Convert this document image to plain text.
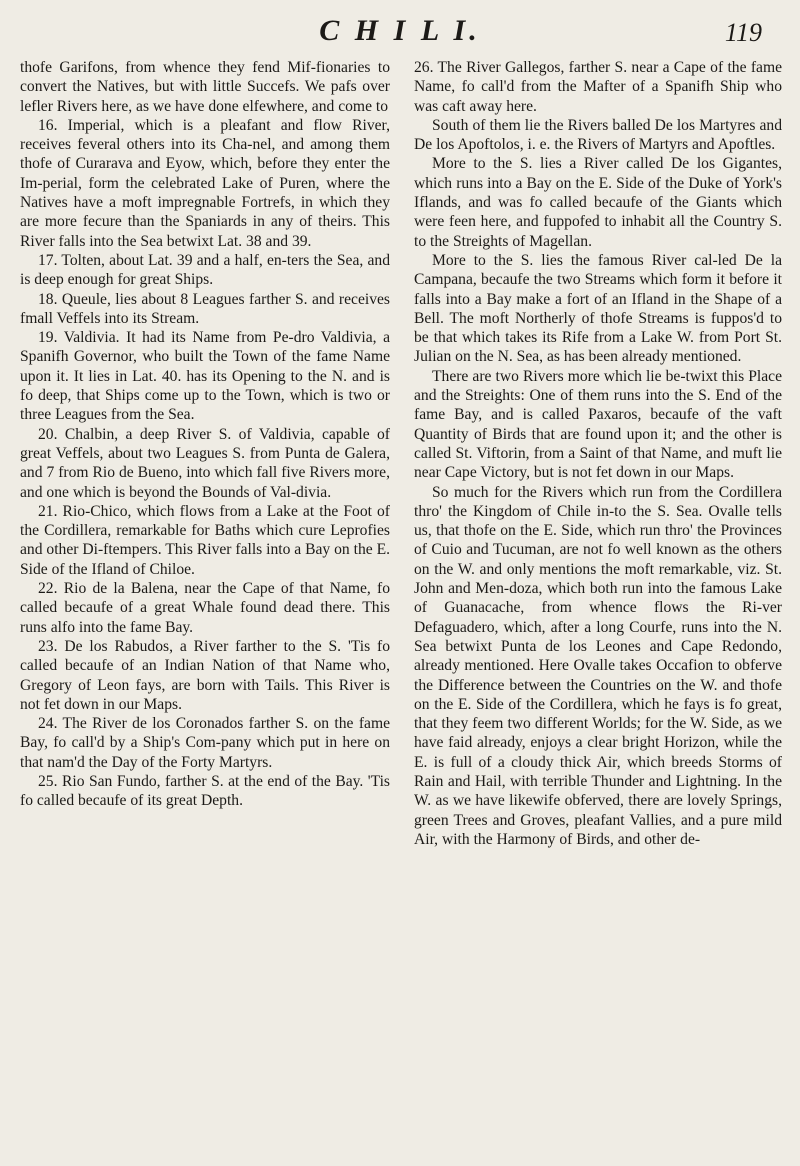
C H I L I.	119

thofe Garifons, from whence they fend Mif-fionaries to convert the Natives, but with little Succefs. We pafs over lefler Rivers here, as we have done elfewhere, and come to

16. Imperial, which is a pleafant and flow River, receives feveral others into its Cha-nel, and among them thofe of Curarava and Eyow, which, before they enter the Im-perial, form the celebrated Lake of Puren, where the Natives have a moft impregnable Fortrefs, in which they are more fecure than the Spaniards in any of theirs. This River falls into the Sea betwixt Lat. 38 and 39.

17. Tolten, about Lat. 39 and a half, en-ters the Sea, and is deep enough for great Ships.

18. Queule, lies about 8 Leagues farther S. and receives fmall Veffels into its Stream.

19. Valdivia. It had its Name from Pe-dro Valdivia, a Spanifh Governor, who built the Town of the fame Name upon it. It lies in Lat. 40. has its Opening to the N. and is fo deep, that Ships come up to the Town, which is two or three Leagues from the Sea.

20. Chalbin, a deep River S. of Valdivia, capable of great Veffels, about two Leagues S. from Punta de Galera, and 7 from Rio de Bueno, into which fall five Rivers more, and one which is beyond the Bounds of Val-divia.

21. Rio-Chico, which flows from a Lake at the Foot of the Cordillera, remarkable for Baths which cure Leprofies and other Di-ftempers. This River falls into a Bay on the E. Side of the Ifland of Chiloe.

22. Rio de la Balena, near the Cape of that Name, fo called becaufe of a great Whale found dead there. This runs alfo into the fame Bay.

23. De los Rabudos, a River farther to the S. 'Tis fo called becaufe of an Indian Nation of that Name who, Gregory of Leon fays, are born with Tails. This River is not fet down in our Maps.

24. The River de los Coronados farther S. on the fame Bay, fo call'd by a Ship's Com-pany which put in here on that nam'd the Day of the Forty Martyrs.

25. Rio San Fundo, farther S. at the end of the Bay. 'Tis fo called becaufe of its great Depth.

26. The River Gallegos, farther S. near a Cape of the fame Name, fo call'd from the Mafter of a Spanifh Ship who was caft away here.

South of them lie the Rivers balled De los Martyres and De los Apoftolos, i. e. the Rivers of Martyrs and Apoftles.

More to the S. lies a River called De los Gigantes, which runs into a Bay on the E. Side of the Duke of York's Iflands, and was fo called becaufe of the Giants which were feen here, and fuppofed to inhabit all the Country S. to the Streights of Magellan.

More to the S. lies the famous River cal-led De la Campana, becaufe the two Streams which form it before it falls into a Bay make a fort of an Ifland in the Shape of a Bell. The moft Northerly of thofe Streams is fuppos'd to be that which takes its Rife from a Lake W. from Port St. Julian on the N. Sea, as has been already mentioned.

There are two Rivers more which lie be-twixt this Place and the Streights: One of them runs into the S. End of the fame Bay, and is called Paxaros, becaufe of the vaft Quantity of Birds that are found upon it; and the other is called St. Viftorin, from a Saint of that Name, and muft lie near Cape Victory, but is not fet down in our Maps.

So much for the Rivers which run from the Cordillera thro' the Kingdom of Chile in-to the S. Sea. Ovalle tells us, that thofe on the E. Side, which run thro' the Provinces of Cuio and Tucuman, are not fo well known as the others on the W. and only mentions the moft remarkable, viz. St. John and Men-doza, which both run into the famous Lake of Guanacache, from whence flows the Ri-ver Defaguadero, which, after a long Courfe, runs into the N. Sea betwixt Punta de los Leones and Cape Redondo, already mentioned. Here Ovalle takes Occafion to obferve the Difference between the Countries on the W. and thofe on the E. Side of the Cordillera, which he fays is fo great, that they feem two different Worlds; for the W. Side, as we have faid already, enjoys a clear bright Horizon, while the E. is full of a cloudy thick Air, which breeds Storms of Rain and Hail, with terrible Thunder and Lightning. In the W. as we have likewife obferved, there are lovely Springs, green Trees and Groves, pleafant Vallies, and a pure mild Air, with the Harmony of Birds, and other de-
